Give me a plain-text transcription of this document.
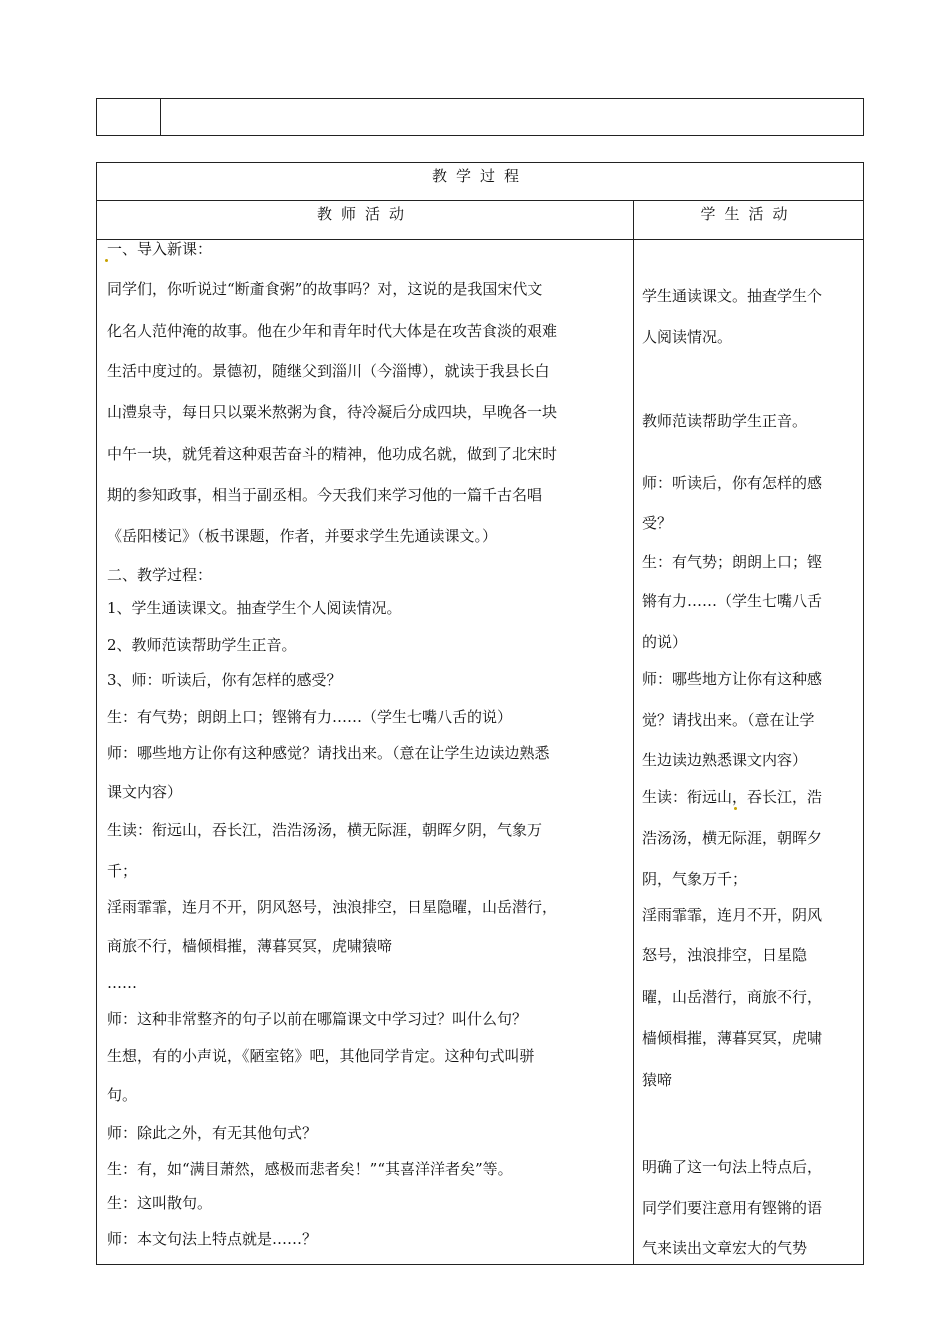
教学过程
教师活动	学生活动
一、导入新课：
同学们，你听说过“断齑食粥”的故事吗？对，这说的是我国宋代文
化名人范仲淹的故事。他在少年和青年时代大体是在攻苦食淡的艰难
生活中度过的。景德初，随继父到淄川（今淄博），就读于我县长白
山澧泉寺，每日只以粟米熬粥为食，待冷凝后分成四块，早晚各一块
中午一块，就凭着这种艰苦奋斗的精神，他功成名就，做到了北宋时
期的参知政事，相当于副丞相。今天我们来学习他的一篇千古名唱
《岳阳楼记》（板书课题，作者，并要求学生先通读课文。）
二、教学过程：
1、学生通读课文。抽查学生个人阅读情况。
2、教师范读帮助学生正音。
3、师：听读后，你有怎样的感受？
生：有气势；朗朗上口；铿锵有力……（学生七嘴八舌的说）
师：哪些地方让你有这种感觉？请找出来。（意在让学生边读边熟悉
课文内容）
生读：衔远山，吞长江，浩浩汤汤，横无际涯，朝晖夕阴，气象万
千；
淫雨霏霏，连月不开，阴风怒号，浊浪排空，日星隐曜，山岳潜行，
商旅不行，樯倾楫摧，薄暮冥冥，虎啸猿啼
……
师：这种非常整齐的句子以前在哪篇课文中学习过？叫什么句？
生想，有的小声说，《陋室铭》吧，其他同学肯定。这种句式叫骈
句。
师：除此之外，有无其他句式？
生：有，如“满目萧然，感极而悲者矣！”“其喜洋洋者矣”等。
生：这叫散句。
师：本文句法上特点就是……？
学生通读课文。抽查学生个
人阅读情况。
教师范读帮助学生正音。
师：听读后，你有怎样的感
受？
生：有气势；朗朗上口；铿
锵有力……（学生七嘴八舌
的说）
师：哪些地方让你有这种感
觉？请找出来。（意在让学
生边读边熟悉课文内容）
生读：衔远山，吞长江，浩
浩汤汤，横无际涯，朝晖夕
阴，气象万千；
淫雨霏霏，连月不开，阴风
怒号，浊浪排空，日星隐
曜，山岳潜行，商旅不行，
樯倾楫摧，薄暮冥冥，虎啸
猿啼
明确了这一句法上特点后，
同学们要注意用有铿锵的语
气来读出文章宏大的气势
